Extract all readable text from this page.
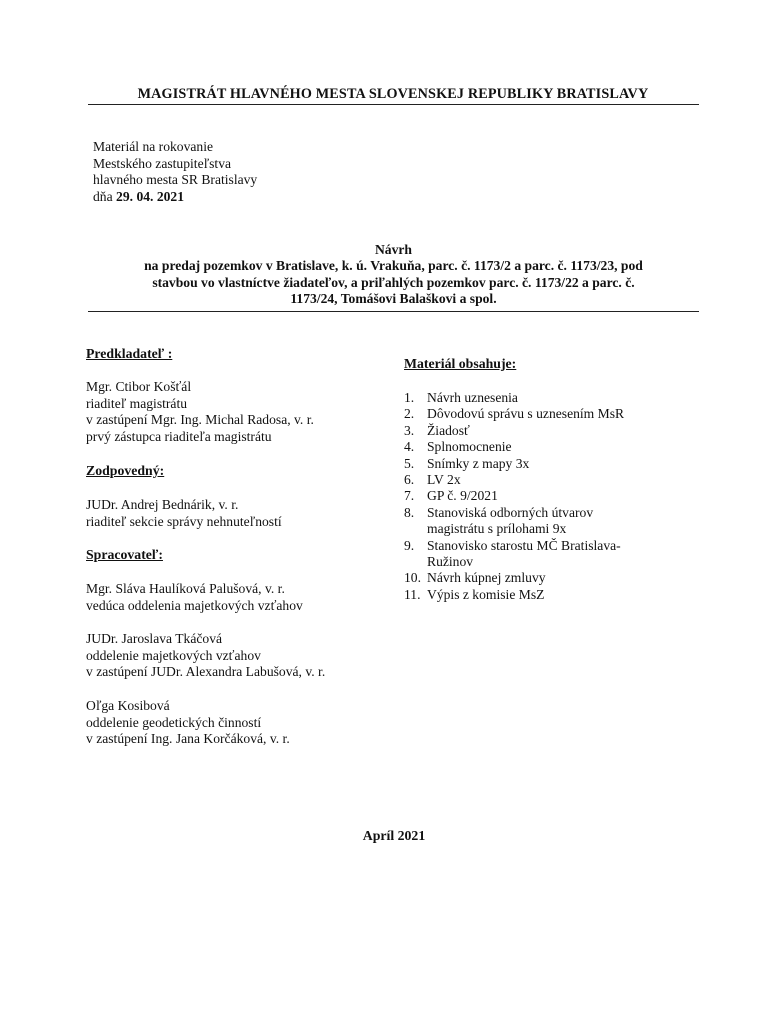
MAGISTRÁT HLAVNÉHO MESTA SLOVENSKEJ REPUBLIKY BRATISLAVY
Materiál na rokovanie
Mestského zastupiteľstva
hlavného mesta SR Bratislavy
dňa 29. 04. 2021
Návrh
na predaj pozemkov v Bratislave, k. ú. Vrakuňa, parc. č. 1173/2 a parc. č. 1173/23, pod
stavbou vo vlastníctve žiadateľov, a priľahlých pozemkov parc. č. 1173/22 a parc. č.
1173/24, Tomášovi Balaškovi a spol.
Predkladateľ :
Mgr. Ctibor Košťál
riaditeľ magistrátu
v zastúpení Mgr. Ing. Michal Radosa, v. r.
prvý zástupca riaditeľa magistrátu
Zodpovedný:
JUDr. Andrej Bednárik, v. r.
riaditeľ sekcie správy nehnuteľností
Spracovateľ:
Mgr. Sláva Haulíková Palušová, v. r.
vedúca oddelenia majetkových vzťahov
JUDr. Jaroslava Tkáčová
oddelenie majetkových vzťahov
v zastúpení JUDr. Alexandra Labušová, v. r.
Oľga Kosibová
oddelenie geodetických činností
v zastúpení Ing. Jana Korčáková, v. r.
Materiál obsahuje:
1. Návrh uznesenia
2. Dôvodovú správu s uznesením MsR
3. Žiadosť
4. Splnomocnenie
5. Snímky z mapy 3x
6. LV 2x
7. GP č. 9/2021
8. Stanoviská odborných útvarov
magistrátu s prílohami 9x
9. Stanovisko starostu MČ Bratislava-
Ružinov
10. Návrh kúpnej zmluvy
11. Výpis z komisie MsZ
Apríl 2021
